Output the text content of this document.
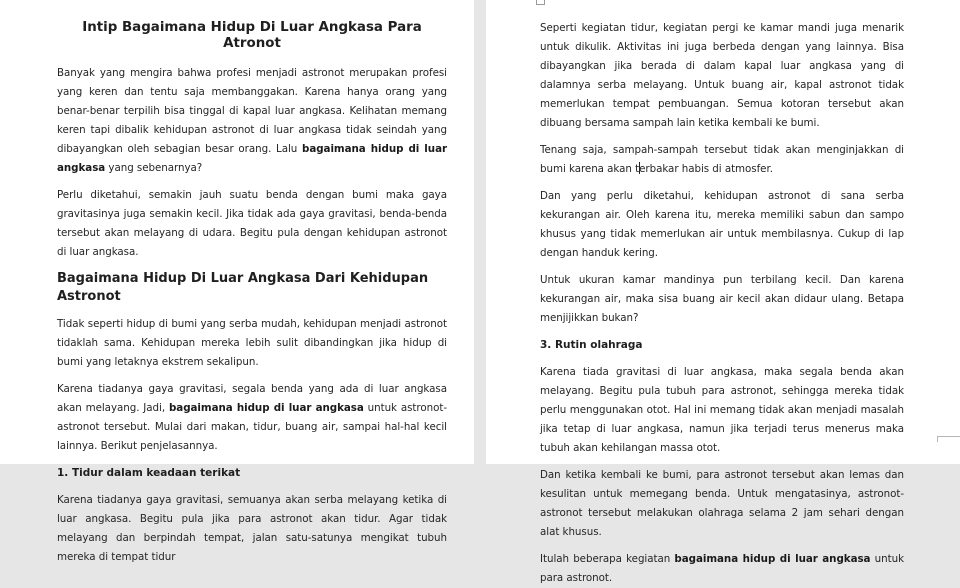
Intip Bagaimana Hidup Di Luar Angkasa Para Atronot

Banyak yang mengira bahwa profesi menjadi astronot merupakan profesi yang keren dan tentu saja membanggakan. Karena hanya orang yang benar-benar terpilih bisa tinggal di kapal luar angkasa. Kelihatan memang keren tapi dibalik kehidupan astronot di luar angkasa tidak seindah yang dibayangkan oleh sebagian besar orang. Lalu bagaimana hidup di luar angkasa yang sebenarnya?

Perlu diketahui, semakin jauh suatu benda dengan bumi maka gaya gravitasinya juga semakin kecil. Jika tidak ada gaya gravitasi, benda-benda tersebut akan melayang di udara. Begitu pula dengan kehidupan astronot di luar angkasa.

Bagaimana Hidup Di Luar Angkasa Dari Kehidupan Astronot

Tidak seperti hidup di bumi yang serba mudah, kehidupan menjadi astronot tidaklah sama. Kehidupan mereka lebih sulit dibandingkan jika hidup di bumi yang letaknya ekstrem sekalipun.

Karena tiadanya gaya gravitasi, segala benda yang ada di luar angkasa akan melayang. Jadi, bagaimana hidup di luar angkasa untuk astronot-astronot tersebut. Mulai dari makan, tidur, buang air, sampai hal-hal kecil lainnya. Berikut penjelasannya.

1. Tidur dalam keadaan terikat

Karena tiadanya gaya gravitasi, semuanya akan serba melayang ketika di luar angkasa. Begitu pula jika para astronot akan tidur. Agar tidak melayang dan berpindah tempat, jalan satu-satunya mengikat tubuh mereka di tempat tidur

Seperti kegiatan tidur, kegiatan pergi ke kamar mandi juga menarik untuk dikulik. Aktivitas ini juga berbeda dengan yang lainnya. Bisa dibayangkan jika berada di dalam kapal luar angkasa yang di dalamnya serba melayang. Untuk buang air, kapal astronot tidak memerlukan tempat pembuangan. Semua kotoran tersebut akan dibuang bersama sampah lain ketika kembali ke bumi.

Tenang saja, sampah-sampah tersebut tidak akan menginjakkan di bumi karena akan terbakar habis di atmosfer.

Dan yang perlu diketahui, kehidupan astronot di sana serba kekurangan air. Oleh karena itu, mereka memiliki sabun dan sampo khusus yang tidak memerlukan air untuk membilasnya. Cukup di lap dengan handuk kering.

Untuk ukuran kamar mandinya pun terbilang kecil. Dan karena kekurangan air, maka sisa buang air kecil akan didaur ulang. Betapa menjijikkan bukan?

3. Rutin olahraga

Karena tiada gravitasi di luar angkasa, maka segala benda akan melayang. Begitu pula tubuh para astronot, sehingga mereka tidak perlu menggunakan otot. Hal ini memang tidak akan menjadi masalah jika tetap di luar angkasa, namun jika terjadi terus menerus maka tubuh akan kehilangan massa otot.

Dan ketika kembali ke bumi, para astronot tersebut akan lemas dan kesulitan untuk memegang benda. Untuk mengatasinya, astronot-astronot tersebut melakukan olahraga selama 2 jam sehari dengan alat khusus.

Itulah beberapa kegiatan bagaimana hidup di luar angkasa untuk para astronot.
